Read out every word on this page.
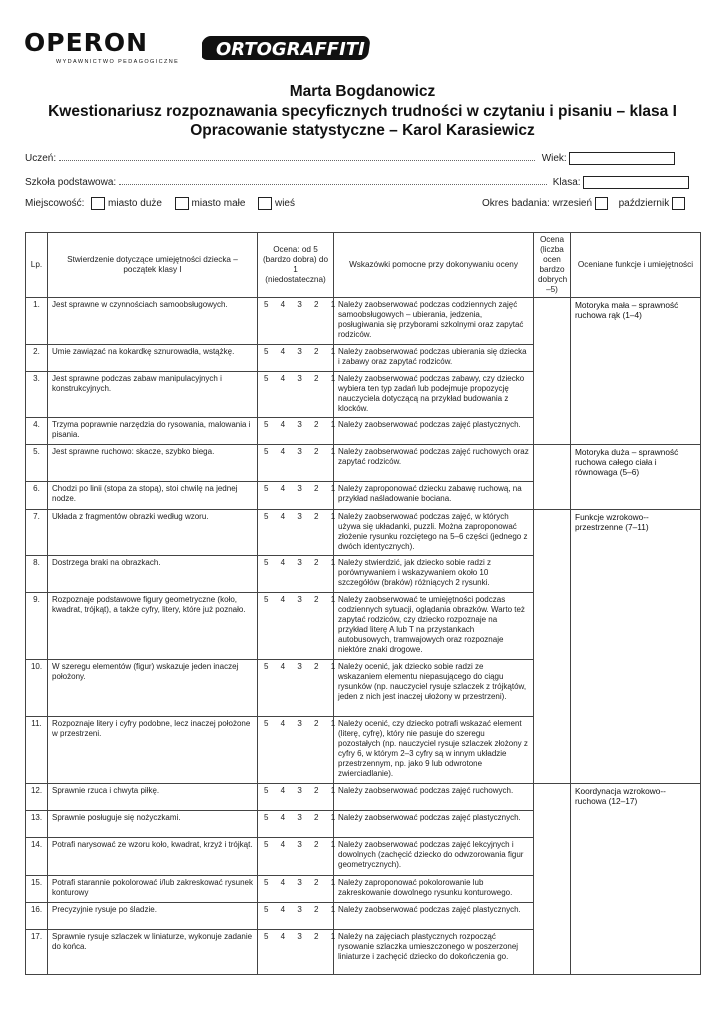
OPERON
WYDAWNICTWO PEDAGOGICZNE
ORTOGRAFFITI
Marta Bogdanowicz
Kwestionariusz rozpoznawania specyficznych trudności w czytaniu i pisaniu – klasa I
Opracowanie statystyczne – Karol Karasiewicz
Uczeń:	Wiek:
Szkoła podstawowa:	Klasa:
Miejscowość: miasto duże	miasto małe	wieś	Okres badania: wrzesień	październik
Lp.	Stwierdzenie dotyczące umiejętności dziecka – początek klasy I	Ocena: od 5 (bardzo dobra) do 1 (niedostateczna)	Wskazówki pomocne przy dokonywaniu oceny	Ocena (liczba ocen bardzo dobrych –5)	Oceniane funkcje i umiejętności
1.	Jest sprawne w czynnościach samoobsługowych.	5 4 3 2 1	Należy zaobserwować podczas codziennych zajęć samoobsługowych – ubierania, jedzenia, posługiwania się przyborami szkolnymi oraz zapytać rodziców.		Motoryka mała – sprawność ruchowa rąk (1–4)

2.	Umie zawiązać na kokardkę sznurowadła, wstążkę.	5 4 3 2 1	Należy zaobserwować podczas ubierania się dziecka i zabawy oraz zapytać rodziców.		
3.	Jest sprawne podczas zabaw manipulacyjnych i konstrukcyjnych.	5 4 3 2 1	Należy zaobserwować podczas zabawy, czy dziecko wybiera ten typ zadań lub podejmuje propozycję nauczyciela dotyczącą na przykład budowania z klocków.		
4.	Trzyma poprawnie narzędzia do rysowania, malowania i pisania.	5 4 3 2 1	Należy zaobserwować podczas zajęć plastycznych.		
5.	Jest sprawne ruchowo: skacze, szybko biega.	5 4 3 2 1	Należy zaobserwować podczas zajęć ruchowych oraz zapytać rodziców.		Motoryka duża – sprawność ruchowa całego ciała i równowaga (5–6)

6.	Chodzi po linii (stopa za stopą), stoi chwilę na jednej nodze.	5 4 3 2 1	Należy zaproponować dziecku zabawę ruchową, na przykład naśladowanie bociana.		
7.	Układa z fragmentów obrazki według wzoru.	5 4 3 2 1	Należy zaobserwować podczas zajęć, w których używa się układanki, puzzli. Można zaproponować złożenie rysunku rozciętego na 5–6 części (jednego z dwóch identycznych).		Funkcje wzrokowo--przestrzenne (7–11)

8.	Dostrzega braki na obrazkach.	5 4 3 2 1	Należy stwierdzić, jak dziecko sobie radzi z porównywaniem i wskazywaniem około 10 szczegółów (braków) różniących 2 rysunki.		
9.	Rozpoznaje podstawowe figury geometryczne (koło, kwadrat, trójkąt), a także cyfry, litery, które już poznało.	5 4 3 2 1	Należy zaobserwować te umiejętności podczas codziennych sytuacji, oglądania obrazków. Warto też zapytać rodziców, czy dziecko rozpoznaje na przykład literę A lub T na przystankach autobusowych, tramwajowych oraz rozpoznaje niektóre znaki drogowe.		
10.	W szeregu elementów (figur) wskazuje jeden inaczej położony.	5 4 3 2 1	Należy ocenić, jak dziecko sobie radzi ze wskazaniem elementu niepasującego do ciągu rysunków (np. nauczyciel rysuje szlaczek z trójkątów, jeden z nich jest inaczej ułożony w przestrzeni).		
11.	Rozpoznaje litery i cyfry podobne, lecz inaczej położone w przestrzeni.	5 4 3 2 1	Należy ocenić, czy dziecko potrafi wskazać element (literę, cyfrę), który nie pasuje do szeregu pozostałych (np. nauczyciel rysuje szlaczek złożony z cyfry 6, w którym 2–3 cyfry są w innym układzie przestrzennym, np. jako 9 lub odwrotone zwierciadlanie).		
12.	Sprawnie rzuca i chwyta piłkę.	5 4 3 2 1	Należy zaobserwować podczas zajęć ruchowych.		Koordynacja wzrokowo--ruchowa (12–17)

13.	Sprawnie posługuje się nożyczkami.	5 4 3 2 1	Należy zaobserwować podczas zajęć plastycznych.		
14.	Potrafi narysować ze wzoru koło, kwadrat, krzyż i trójkąt.	5 4 3 2 1	Należy zaobserwować podczas zajęć lekcyjnych i dowolnych (zachęcić dziecko do odwzorowania figur geometrycznych).		
15.	Potrafi starannie pokolorować i/lub zakreskować rysunek konturowy	5 4 3 2 1	Należy zaproponować pokolorowanie lub zakreskowanie dowolnego rysunku konturowego.		
16.	Precyzyjnie rysuje po śladzie.	5 4 3 2 1	Należy zaobserwować podczas zajęć plastycznych.		
17.	Sprawnie rysuje szlaczek w liniaturze, wykonuje zadanie do końca.	5 4 3 2 1	Należy na zajęciach plastycznych rozpocząć rysowanie szlaczka umieszczonego w poszerzonej liniaturze i zachęcić dziecko do dokończenia go.		
